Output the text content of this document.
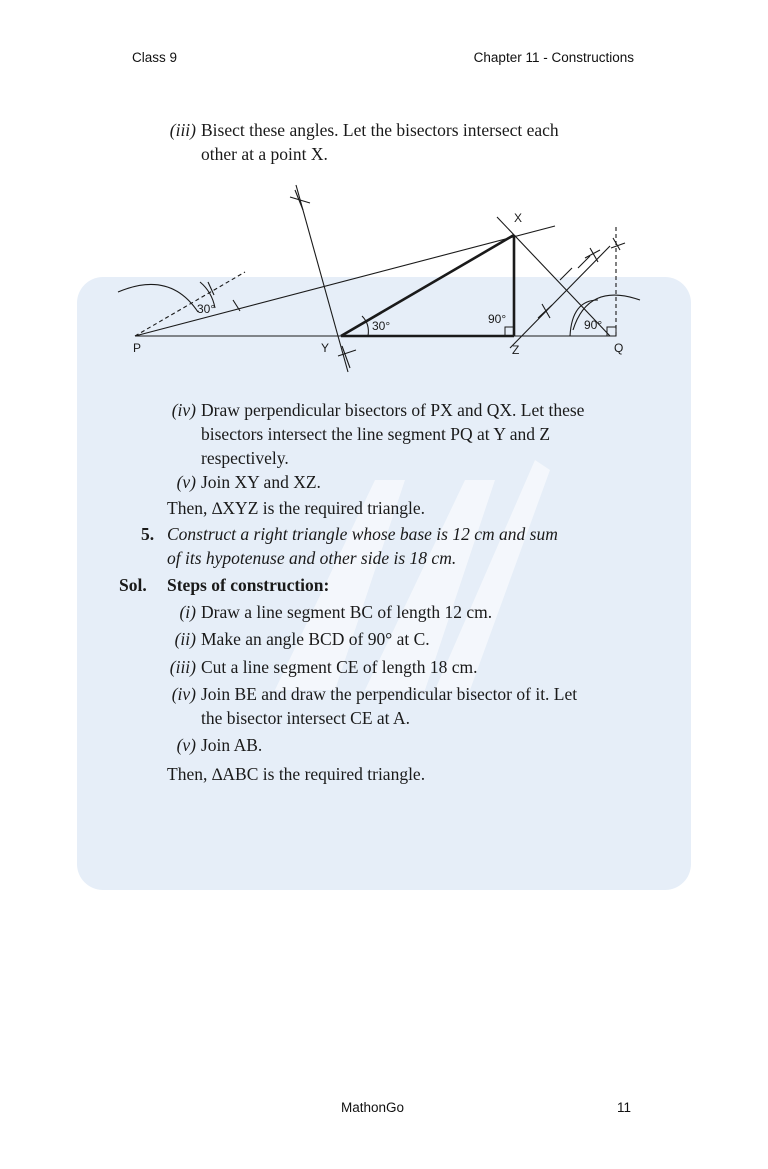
Class 9	Chapter 11 - Constructions
(iii) Bisect these angles. Let the bisectors intersect each
other at a point X.
X
P	Y	Z	Q
30°
30°	90°	90°
(iv) Draw perpendicular bisectors of PX and QX. Let these
bisectors intersect the line segment PQ at Y and Z
respectively.
(v) Join XY and XZ.
Then, ∆XYZ is the required triangle.
5. Construct a right triangle whose base is 12 cm and sum
of its hypotenuse and other side is 18 cm.
Sol. Steps of construction:
(i) Draw a line segment BC of length 12 cm.
(ii) Make an angle BCD of 90° at C.
(iii) Cut a line segment CE of length 18 cm.
(iv) Join BE and draw the perpendicular bisector of it. Let
the bisector intersect CE at A.
(v) Join AB.
Then, ∆ABC is the required triangle.
MathonGo	11
